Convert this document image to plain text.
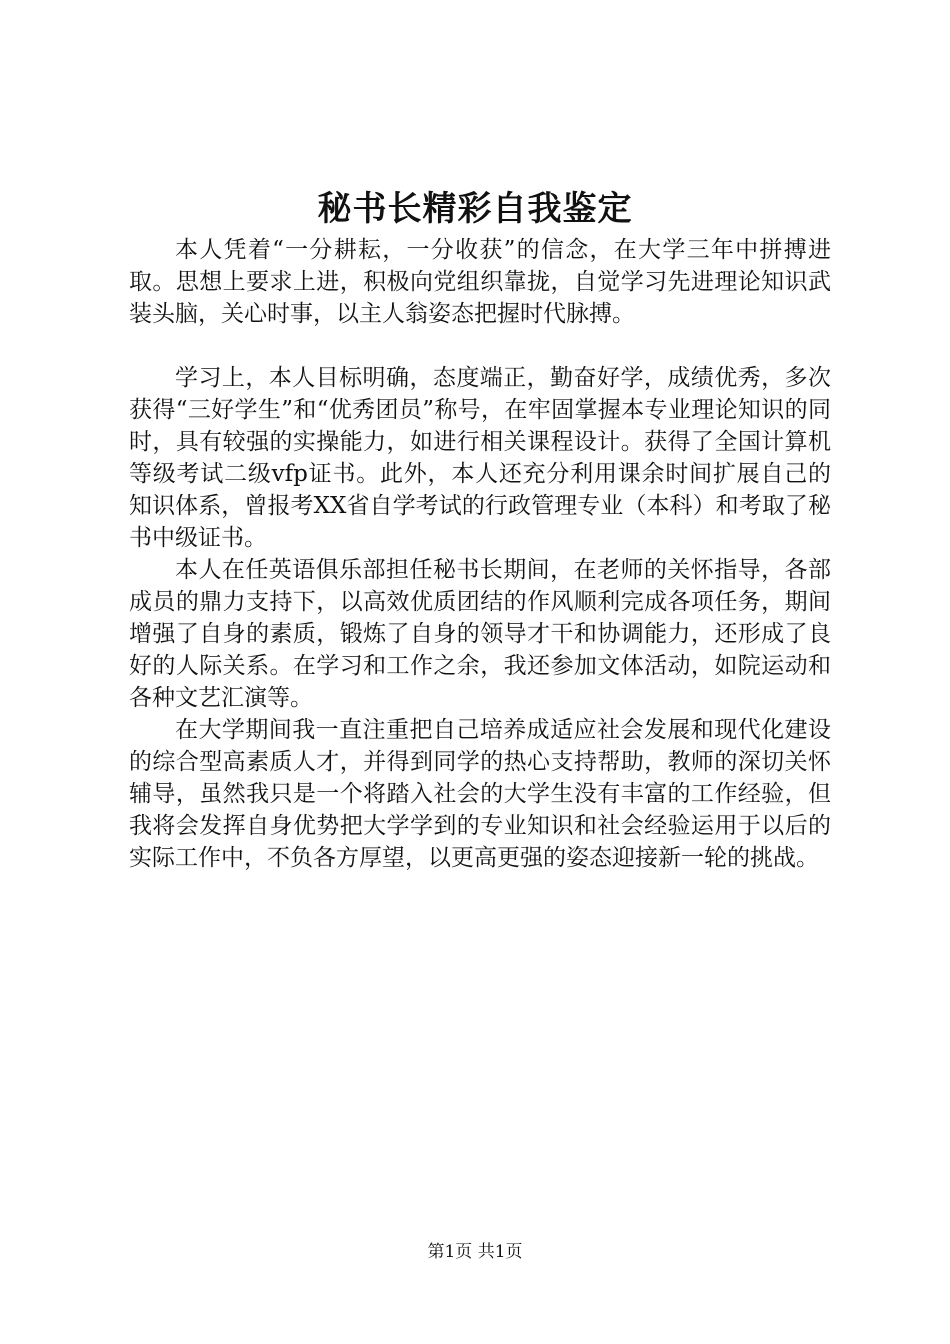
秘书长精彩自我鉴定

本人凭着“一分耕耘，一分收获”的信念，在大学三年中拼搏进取。思想上要求上进，积极向党组织靠拢，自觉学习先进理论知识武装头脑，关心时事，以主人翁姿态把握时代脉搏。

学习上，本人目标明确，态度端正，勤奋好学，成绩优秀，多次获得“三好学生”和“优秀团员”称号，在牢固掌握本专业理论知识的同时，具有较强的实操能力，如进行相关课程设计。获得了全国计算机等级考试二级vfp证书。此外，本人还充分利用课余时间扩展自己的知识体系，曾报考XX省自学考试的行政管理专业（本科）和考取了秘书中级证书。

本人在任英语俱乐部担任秘书长期间，在老师的关怀指导，各部成员的鼎力支持下，以高效优质团结的作风顺利完成各项任务，期间增强了自身的素质，锻炼了自身的领导才干和协调能力，还形成了良好的人际关系。在学习和工作之余，我还参加文体活动，如院运动和各种文艺汇演等。

在大学期间我一直注重把自己培养成适应社会发展和现代化建设的综合型高素质人才，并得到同学的热心支持帮助，教师的深切关怀辅导，虽然我只是一个将踏入社会的大学生没有丰富的工作经验，但我将会发挥自身优势把大学学到的专业知识和社会经验运用于以后的实际工作中，不负各方厚望，以更高更强的姿态迎接新一轮的挑战。

第1页 共1页
